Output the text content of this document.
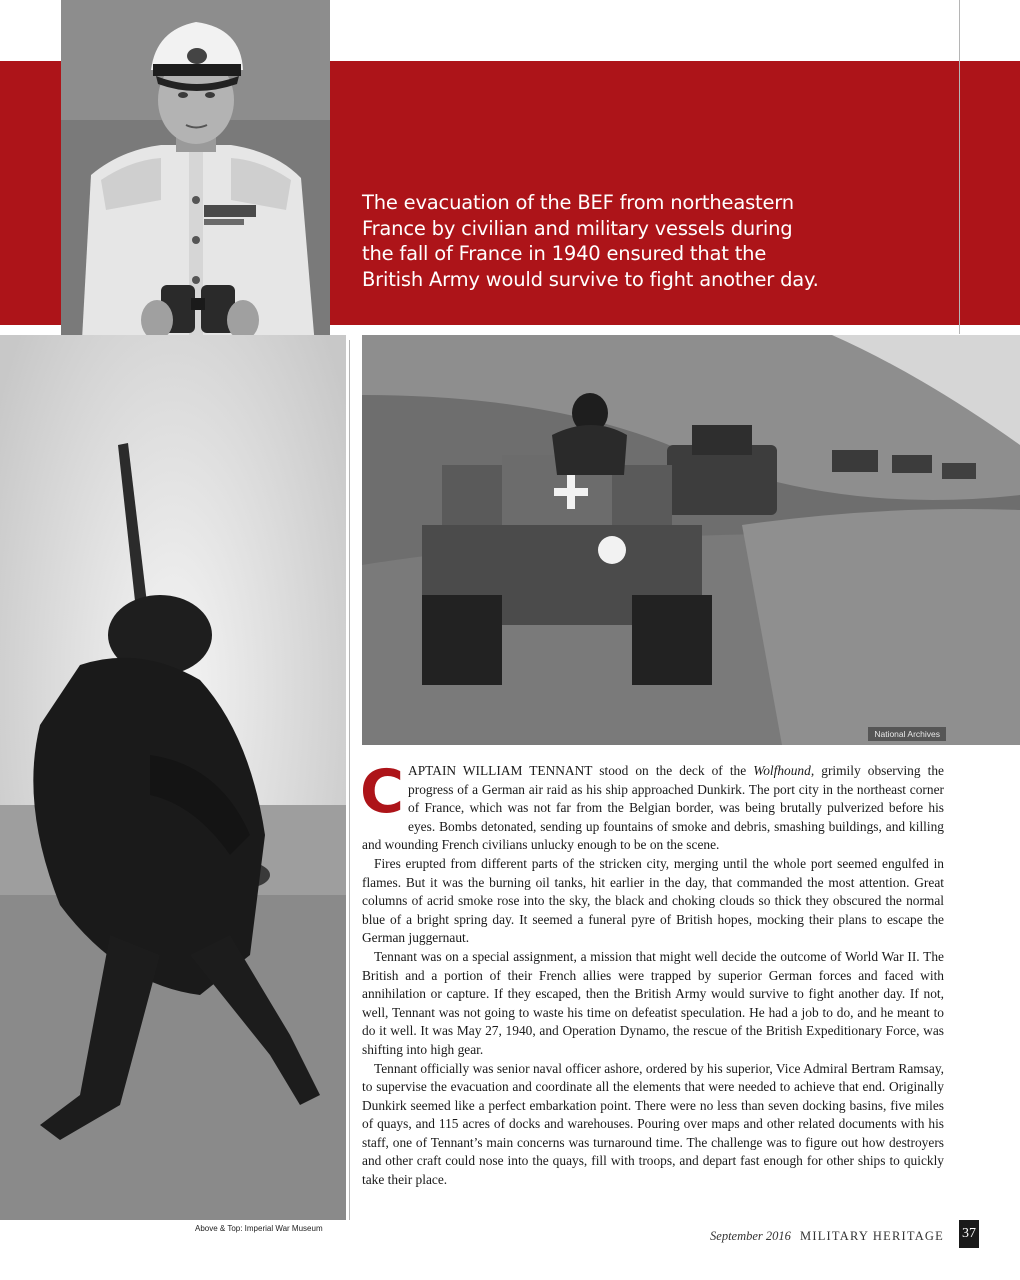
The evacuation of the BEF from northeastern
France by civilian and military vessels during
the fall of France in 1940 ensured that the
British Army would survive to fight another day.
National Archives

CAPTAIN WILLIAM TENNANT stood on the deck of the Wolfhound, grimily observing the progress of a German air raid as his ship approached Dunkirk. The port city in the northeast corner of France, which was not far from the Belgian border, was being brutally pulverized before his eyes. Bombs detonated, sending up fountains of smoke and debris, smashing buildings, and killing and wounding French civilians unlucky enough to be on the scene.

Fires erupted from different parts of the stricken city, merging until the whole port seemed engulfed in flames. But it was the burning oil tanks, hit earlier in the day, that commanded the most attention. Great columns of acrid smoke rose into the sky, the black and choking clouds so thick they obscured the normal blue of a bright spring day. It seemed a funeral pyre of British hopes, mocking their plans to escape the German juggernaut.

Tennant was on a special assignment, a mission that might well decide the outcome of World War II. The British and a portion of their French allies were trapped by superior German forces and faced with annihilation or capture. If they escaped, then the British Army would survive to fight another day. If not, well, Tennant was not going to waste his time on defeatist speculation. He had a job to do, and he meant to do it well. It was May 27, 1940, and Operation Dynamo, the rescue of the British Expeditionary Force, was shifting into high gear.

Tennant officially was senior naval officer ashore, ordered by his superior, Vice Admiral Bertram Ramsay, to supervise the evacuation and coordinate all the elements that were needed to achieve that end. Originally Dunkirk seemed like a perfect embarkation point. There were no less than seven docking basins, five miles of quays, and 115 acres of docks and warehouses. Pouring over maps and other related documents with his staff, one of Tennant’s main concerns was turnaround time. The challenge was to figure out how destroyers and other craft could nose into the quays, fill with troops, and depart fast enough for other ships to quickly take their place.

Above & Top: Imperial War Museum
September 2016 MILITARY HERITAGE 37
